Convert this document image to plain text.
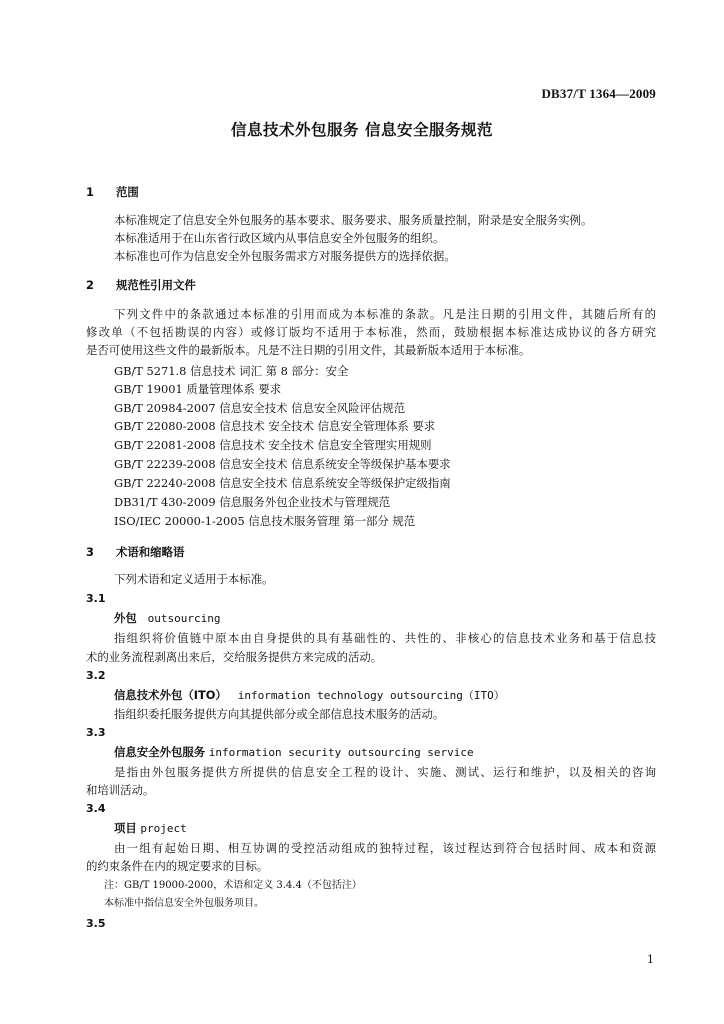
DB37/T 1364—2009
信息技术外包服务 信息安全服务规范
1 范围
本标准规定了信息安全外包服务的基本要求、服务要求、服务质量控制，附录是安全服务实例。
本标准适用于在山东省行政区域内从事信息安全外包服务的组织。
本标准也可作为信息安全外包服务需求方对服务提供方的选择依据。
2 规范性引用文件
下列文件中的条款通过本标准的引用而成为本标准的条款。凡是注日期的引用文件，其随后所有的
修改单（不包括勘误的内容）或修订版均不适用于本标准，然而，鼓励根据本标准达成协议的各方研究
是否可使用这些文件的最新版本。凡是不注日期的引用文件，其最新版本适用于本标准。
GB/T 5271.8 信息技术 词汇 第 8 部分：安全
GB/T 19001 质量管理体系 要求
GB/T 20984-2007 信息安全技术 信息安全风险评估规范
GB/T 22080-2008 信息技术 安全技术 信息安全管理体系 要求
GB/T 22081-2008 信息技术 安全技术 信息安全管理实用规则
GB/T 22239-2008 信息安全技术 信息系统安全等级保护基本要求
GB/T 22240-2008 信息安全技术 信息系统安全等级保护定级指南
DB31/T 430-2009 信息服务外包企业技术与管理规范
ISO/IEC 20000-1-2005 信息技术服务管理 第一部分 规范
3 术语和缩略语
下列术语和定义适用于本标准。
3.1
外包 outsourcing
指组织将价值链中原本由自身提供的具有基础性的、共性的、非核心的信息技术业务和基于信息技
术的业务流程剥离出来后，交给服务提供方来完成的活动。
3.2
信息技术外包（ITO） information technology outsourcing（ITO）
指组织委托服务提供方向其提供部分或全部信息技术服务的活动。
3.3
信息安全外包服务 information security outsourcing service
是指由外包服务提供方所提供的信息安全工程的设计、实施、测试、运行和维护，以及相关的咨询
和培训活动。
3.4
项目 project
由一组有起始日期、相互协调的受控活动组成的独特过程，该过程达到符合包括时间、成本和资源
的约束条件在内的规定要求的目标。
注：GB/T 19000-2000，术语和定义 3.4.4（不包括注）
本标准中指信息安全外包服务项目。
3.5
1
